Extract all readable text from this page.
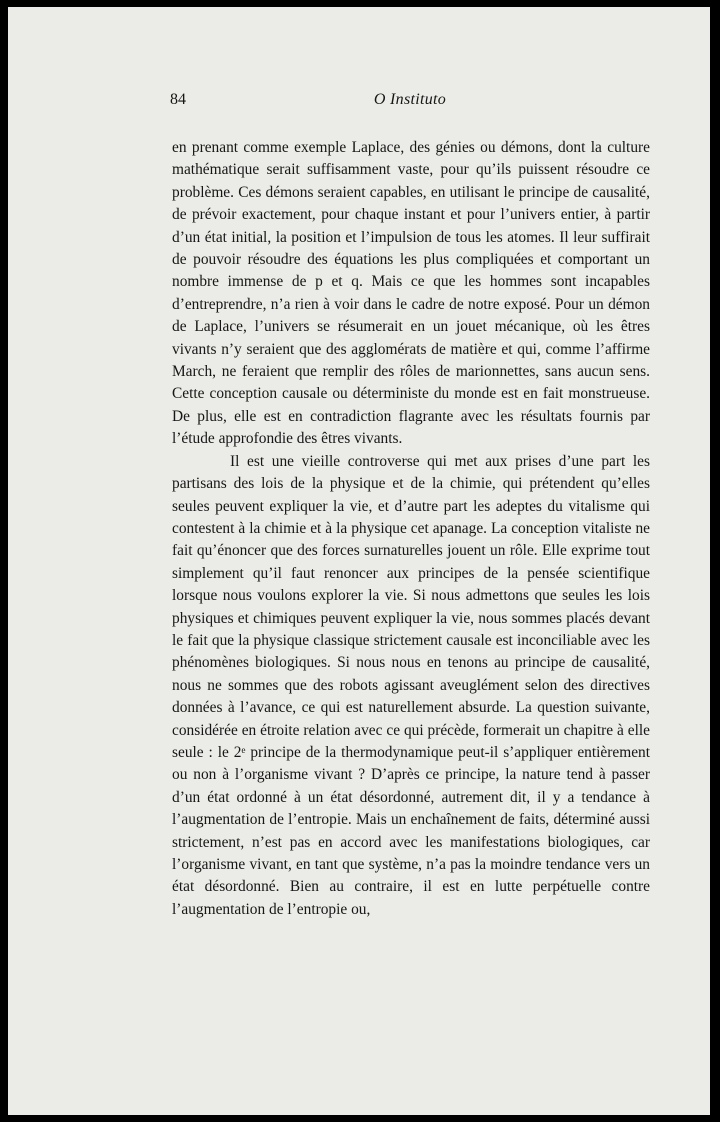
84	O Instituto

en prenant comme exemple Laplace, des génies ou démons, dont la culture mathématique serait suffisamment vaste, pour qu’ils puissent résoudre ce problème. Ces démons seraient capables, en utilisant le principe de causalité, de prévoir exactement, pour chaque instant et pour l’univers entier, à partir d’un état initial, la position et l’impulsion de tous les atomes. Il leur suffirait de pouvoir résoudre des équations les plus compliquées et comportant un nombre immense de p et q. Mais ce que les hommes sont incapables d’entreprendre, n’a rien à voir dans le cadre de notre exposé. Pour un démon de Laplace, l’univers se résumerait en un jouet mécanique, où les êtres vivants n’y seraient que des agglomérats de matière et qui, comme l’affirme March, ne feraient que remplir des rôles de marionnettes, sans aucun sens. Cette conception causale ou déterministe du monde est en fait monstrueuse. De plus, elle est en contradiction flagrante avec les résultats fournis par l’étude approfondie des êtres vivants.

Il est une vieille controverse qui met aux prises d’une part les partisans des lois de la physique et de la chimie, qui prétendent qu’elles seules peuvent expliquer la vie, et d’autre part les adeptes du vitalisme qui contestent à la chimie et à la physique cet apanage. La conception vitaliste ne fait qu’énoncer que des forces surnaturelles jouent un rôle. Elle exprime tout simplement qu’il faut renoncer aux principes de la pensée scientifique lorsque nous voulons explorer la vie. Si nous admettons que seules les lois physiques et chimiques peuvent expliquer la vie, nous sommes placés devant le fait que la physique classique strictement causale est inconciliable avec les phénomènes biologiques. Si nous nous en tenons au principe de causalité, nous ne sommes que des robots agissant aveuglément selon des directives données à l’avance, ce qui est naturellement absurde. La question suivante, considérée en étroite relation avec ce qui précède, formerait un chapitre à elle seule : le 2ᵉ principe de la thermodynamique peut-il s’appliquer entièrement ou non à l’organisme vivant ? D’après ce principe, la nature tend à passer d’un état ordonné à un état désordonné, autrement dit, il y a tendance à l’augmentation de l’entropie. Mais un enchaînement de faits, déterminé aussi strictement, n’est pas en accord avec les manifestations biologiques, car l’organisme vivant, en tant que système, n’a pas la moindre tendance vers un état désordonné. Bien au contraire, il est en lutte perpétuelle contre l’augmentation de l’entropie ou,
